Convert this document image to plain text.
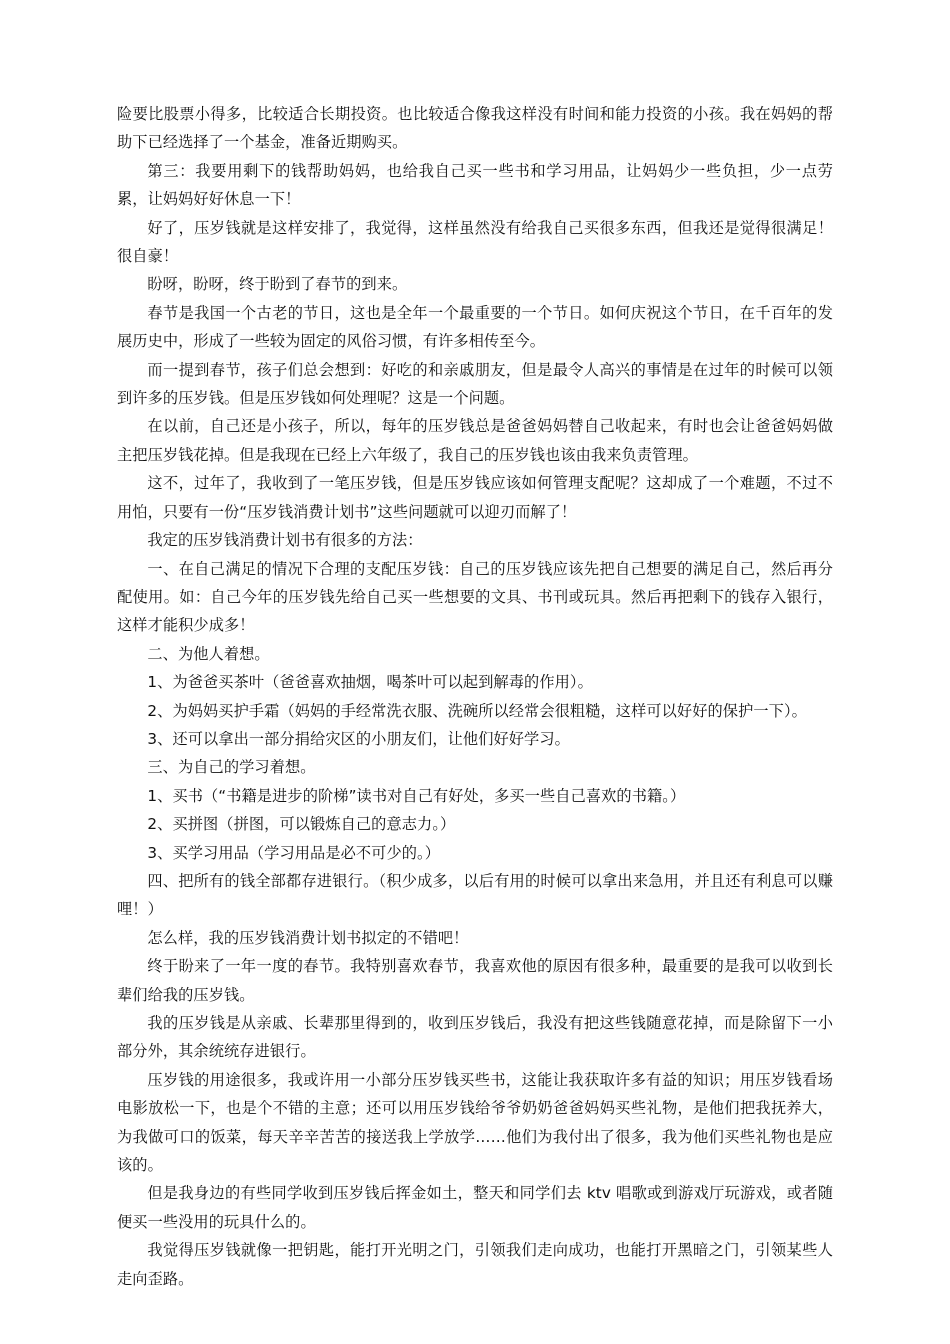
险要比股票小得多，比较适合长期投资。也比较适合像我这样没有时间和能力投资的小孩。我在妈妈的帮助下已经选择了一个基金，准备近期购买。

第三：我要用剩下的钱帮助妈妈，也给我自己买一些书和学习用品，让妈妈少一些负担，少一点劳累，让妈妈好好休息一下！

好了，压岁钱就是这样安排了，我觉得，这样虽然没有给我自己买很多东西，但我还是觉得很满足！很自豪！

盼呀，盼呀，终于盼到了春节的到来。

春节是我国一个古老的节日，这也是全年一个最重要的一个节日。如何庆祝这个节日，在千百年的发展历史中，形成了一些较为固定的风俗习惯，有许多相传至今。

而一提到春节，孩子们总会想到：好吃的和亲戚朋友，但是最令人高兴的事情是在过年的时候可以领到许多的压岁钱。但是压岁钱如何处理呢？这是一个问题。

在以前，自己还是小孩子，所以，每年的压岁钱总是爸爸妈妈替自己收起来，有时也会让爸爸妈妈做主把压岁钱花掉。但是我现在已经上六年级了，我自己的压岁钱也该由我来负责管理。

这不，过年了，我收到了一笔压岁钱，但是压岁钱应该如何管理支配呢？这却成了一个难题，不过不用怕，只要有一份“压岁钱消费计划书”这些问题就可以迎刃而解了！

我定的压岁钱消费计划书有很多的方法：

一、在自己满足的情况下合理的支配压岁钱：自己的压岁钱应该先把自己想要的满足自己，然后再分配使用。如：自己今年的压岁钱先给自己买一些想要的文具、书刊或玩具。然后再把剩下的钱存入银行，这样才能积少成多！

二、为他人着想。

1、为爸爸买茶叶（爸爸喜欢抽烟，喝茶叶可以起到解毒的作用）。

2、为妈妈买护手霜（妈妈的手经常洗衣服、洗碗所以经常会很粗糙，这样可以好好的保护一下）。

3、还可以拿出一部分捐给灾区的小朋友们，让他们好好学习。

三、为自己的学习着想。

1、买书（“书籍是进步的阶梯”读书对自己有好处，多买一些自己喜欢的书籍。）

2、买拼图（拼图，可以锻炼自己的意志力。）

3、买学习用品（学习用品是必不可少的。）

四、把所有的钱全部都存进银行。（积少成多，以后有用的时候可以拿出来急用，并且还有利息可以赚哩！）

怎么样，我的压岁钱消费计划书拟定的不错吧！

终于盼来了一年一度的春节。我特别喜欢春节，我喜欢他的原因有很多种，最重要的是我可以收到长辈们给我的压岁钱。

我的压岁钱是从亲戚、长辈那里得到的，收到压岁钱后，我没有把这些钱随意花掉，而是除留下一小部分外，其余统统存进银行。

压岁钱的用途很多，我或许用一小部分压岁钱买些书，这能让我获取许多有益的知识；用压岁钱看场电影放松一下，也是个不错的主意；还可以用压岁钱给爷爷奶奶爸爸妈妈买些礼物，是他们把我抚养大，为我做可口的饭菜，每天辛辛苦苦的接送我上学放学……他们为我付出了很多，我为他们买些礼物也是应该的。

但是我身边的有些同学收到压岁钱后挥金如土，整天和同学们去 ktv 唱歌或到游戏厅玩游戏，或者随便买一些没用的玩具什么的。

我觉得压岁钱就像一把钥匙，能打开光明之门，引领我们走向成功，也能打开黑暗之门，引领某些人走向歪路。
